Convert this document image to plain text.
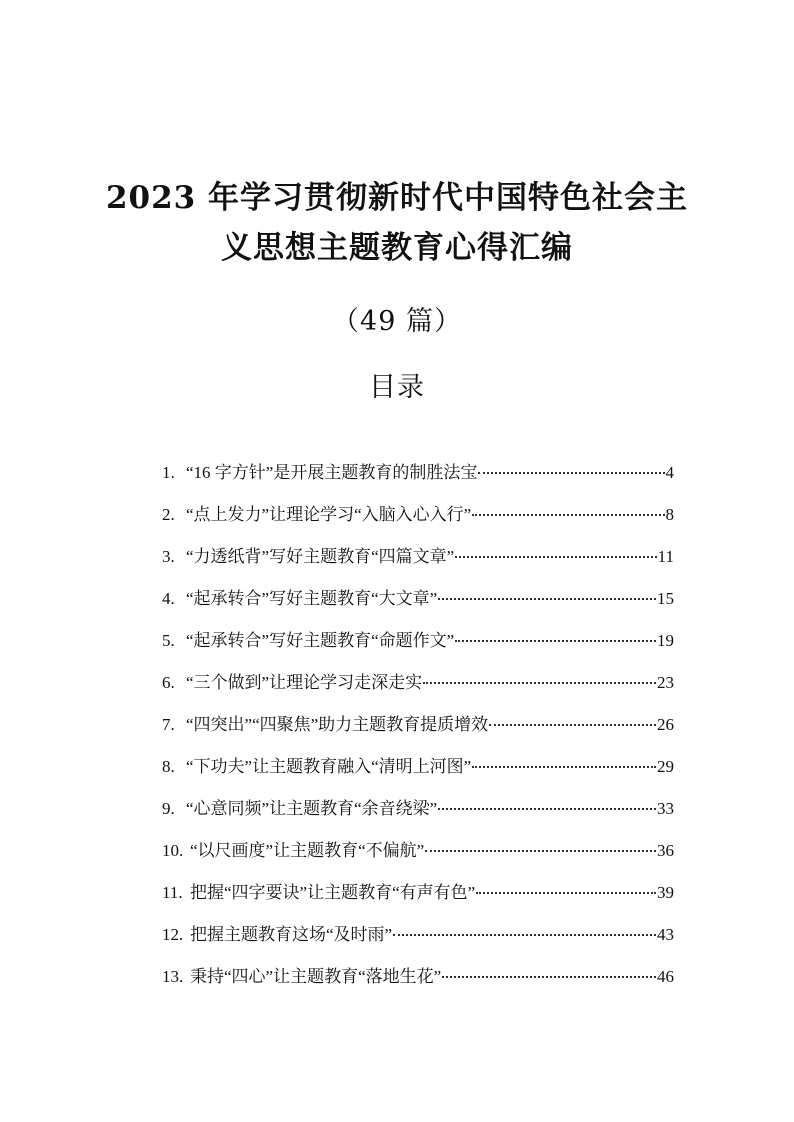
2023 年学习贯彻新时代中国特色社会主
义思想主题教育心得汇编
（49 篇）
目录
1. “16 字方针”是开展主题教育的制胜法宝	4
2. “点上发力”让理论学习“入脑入心入行”	8
3. “力透纸背”写好主题教育“四篇文章”	11
4. “起承转合”写好主题教育“大文章”	15
5. “起承转合”写好主题教育“命题作文”	19
6. “三个做到”让理论学习走深走实	23
7. “四突出”“四聚焦”助力主题教育提质增效	26
8. “下功夫”让主题教育融入“清明上河图”	29
9. “心意同频”让主题教育“余音绕梁”	33
10. “以尺画度”让主题教育“不偏航”	36
11. 把握“四字要诀”让主题教育“有声有色”	39
12. 把握主题教育这场“及时雨”	43
13. 秉持“四心”让主题教育“落地生花”	46
